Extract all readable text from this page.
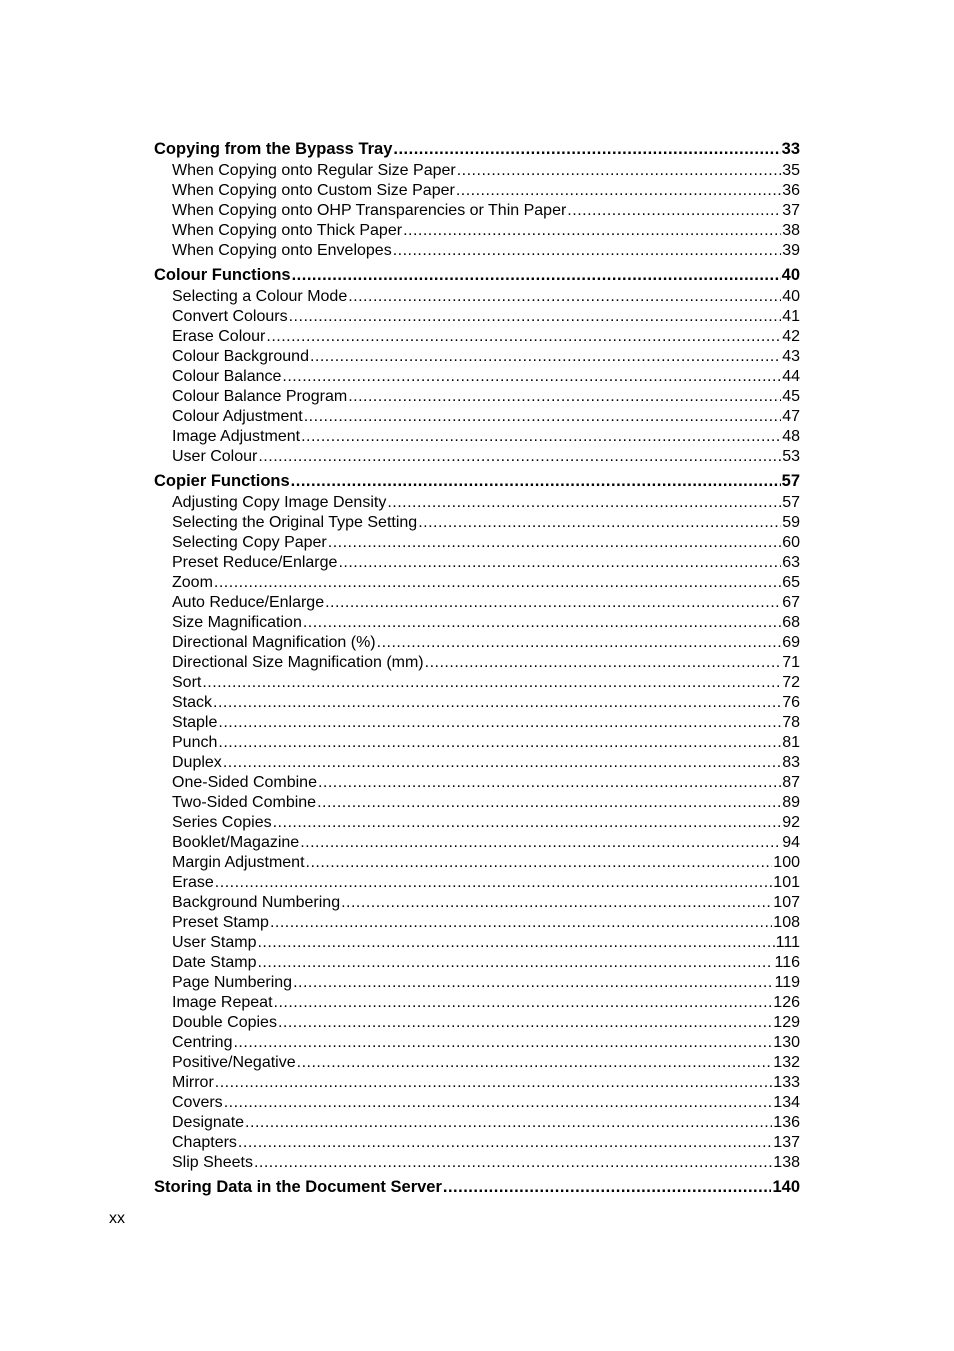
Copying from the Bypass Tray .....	33
When Copying onto Regular Size Paper .....	35
When Copying onto Custom Size Paper .....	36
When Copying onto OHP Transparencies or Thin Paper .....	37
When Copying onto Thick Paper .....	38
When Copying onto Envelopes .....	39
Colour Functions .....	40
Selecting a Colour Mode .....	40
Convert Colours .....	41
Erase Colour .....	42
Colour Background .....	43
Colour Balance .....	44
Colour Balance Program .....	45
Colour Adjustment .....	47
Image Adjustment .....	48
User Colour .....	53
Copier Functions .....	57
Adjusting Copy Image Density .....	57
Selecting the Original Type Setting .....	59
Selecting Copy Paper .....	60
Preset Reduce/Enlarge .....	63
Zoom .....	65
Auto Reduce/Enlarge .....	67
Size Magnification .....	68
Directional Magnification (%) .....	69
Directional Size Magnification (mm) .....	71
Sort .....	72
Stack .....	76
Staple .....	78
Punch .....	81
Duplex .....	83
One-Sided Combine .....	87
Two-Sided Combine .....	89
Series Copies .....	92
Booklet/Magazine .....	94
Margin Adjustment .....	100
Erase .....	101
Background Numbering .....	107
Preset Stamp .....	108
User Stamp .....	111
Date Stamp .....	116
Page Numbering .....	119
Image Repeat .....	126
Double Copies .....	129
Centring .....	130
Positive/Negative .....	132
Mirror .....	133
Covers .....	134
Designate .....	136
Chapters .....	137
Slip Sheets .....	138
Storing Data in the Document Server .....	140
xx
